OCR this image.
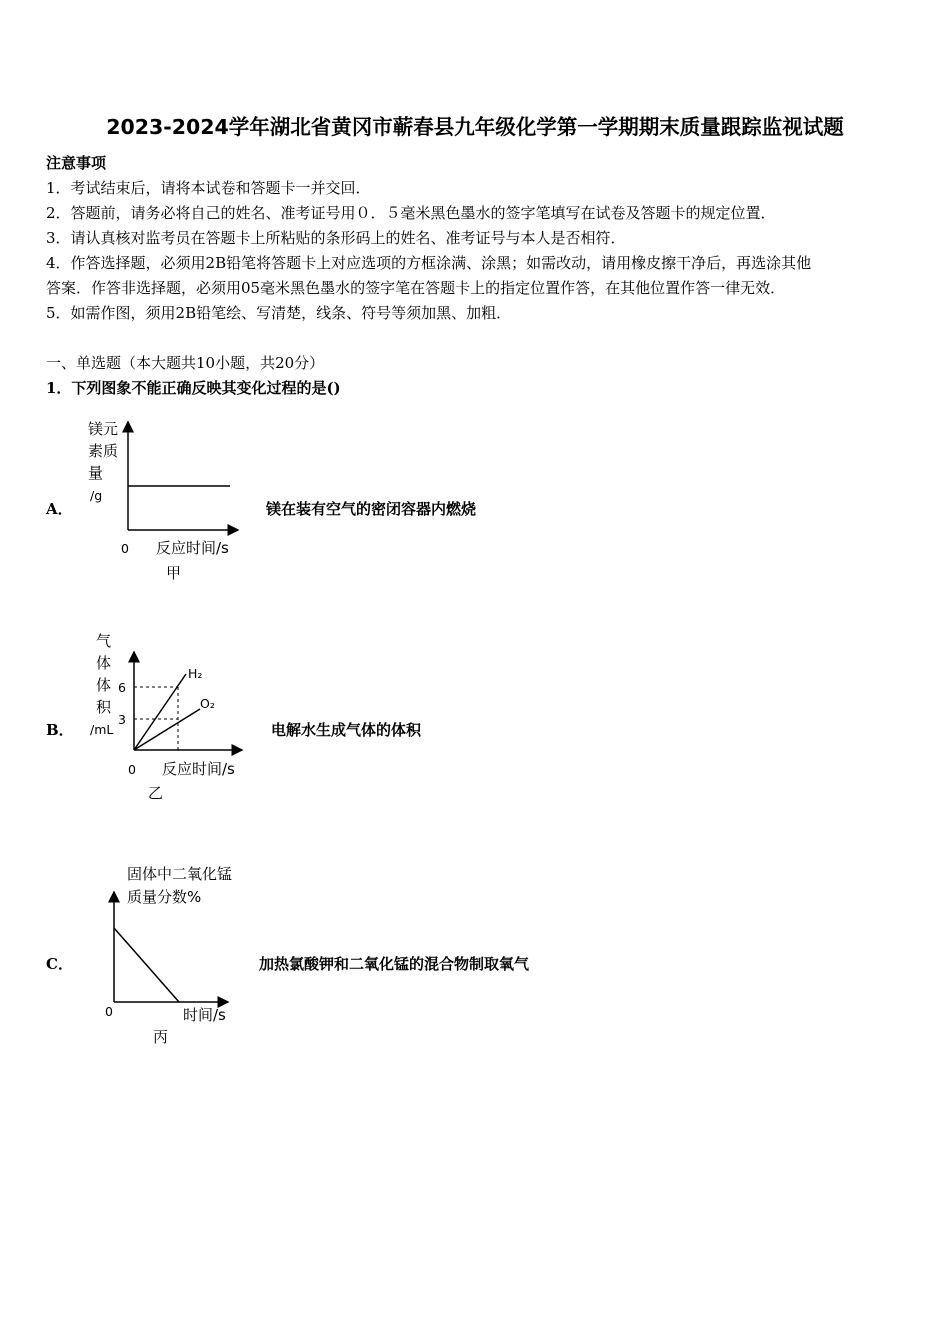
2023-2024学年湖北省黄冈市蕲春县九年级化学第一学期期末质量跟踪监视试题
注意事项
1．考试结束后，请将本试卷和答题卡一并交回．
2．答题前，请务必将自己的姓名、准考证号用０．５毫米黑色墨水的签字笔填写在试卷及答题卡的规定位置．
3．请认真核对监考员在答题卡上所粘贴的条形码上的姓名、准考证号与本人是否相符．
4．作答选择题，必须用2B铅笔将答题卡上对应选项的方框涂满、涂黑；如需改动，请用橡皮擦干净后，再选涂其他
答案．作答非选择题，必须用05毫米黑色墨水的签字笔在答题卡上的指定位置作答，在其他位置作答一律无效．
5．如需作图，须用2B铅笔绘、写清楚，线条、符号等须加黑、加粗．
一、单选题（本大题共10小题，共20分）
1．下列图象不能正确反映其变化过程的是()
A．
镁元
素质
量
/g
0 反应时间/s
甲
镁在装有空气的密闭容器内燃烧
B．
气
体
体
积
/mL
6
3
H₂
O₂
0 反应时间/s
乙
电解水生成气体的体积
C．
固体中二氧化锰
质量分数%
0	时间/s
丙
加热氯酸钾和二氧化锰的混合物制取氧气
